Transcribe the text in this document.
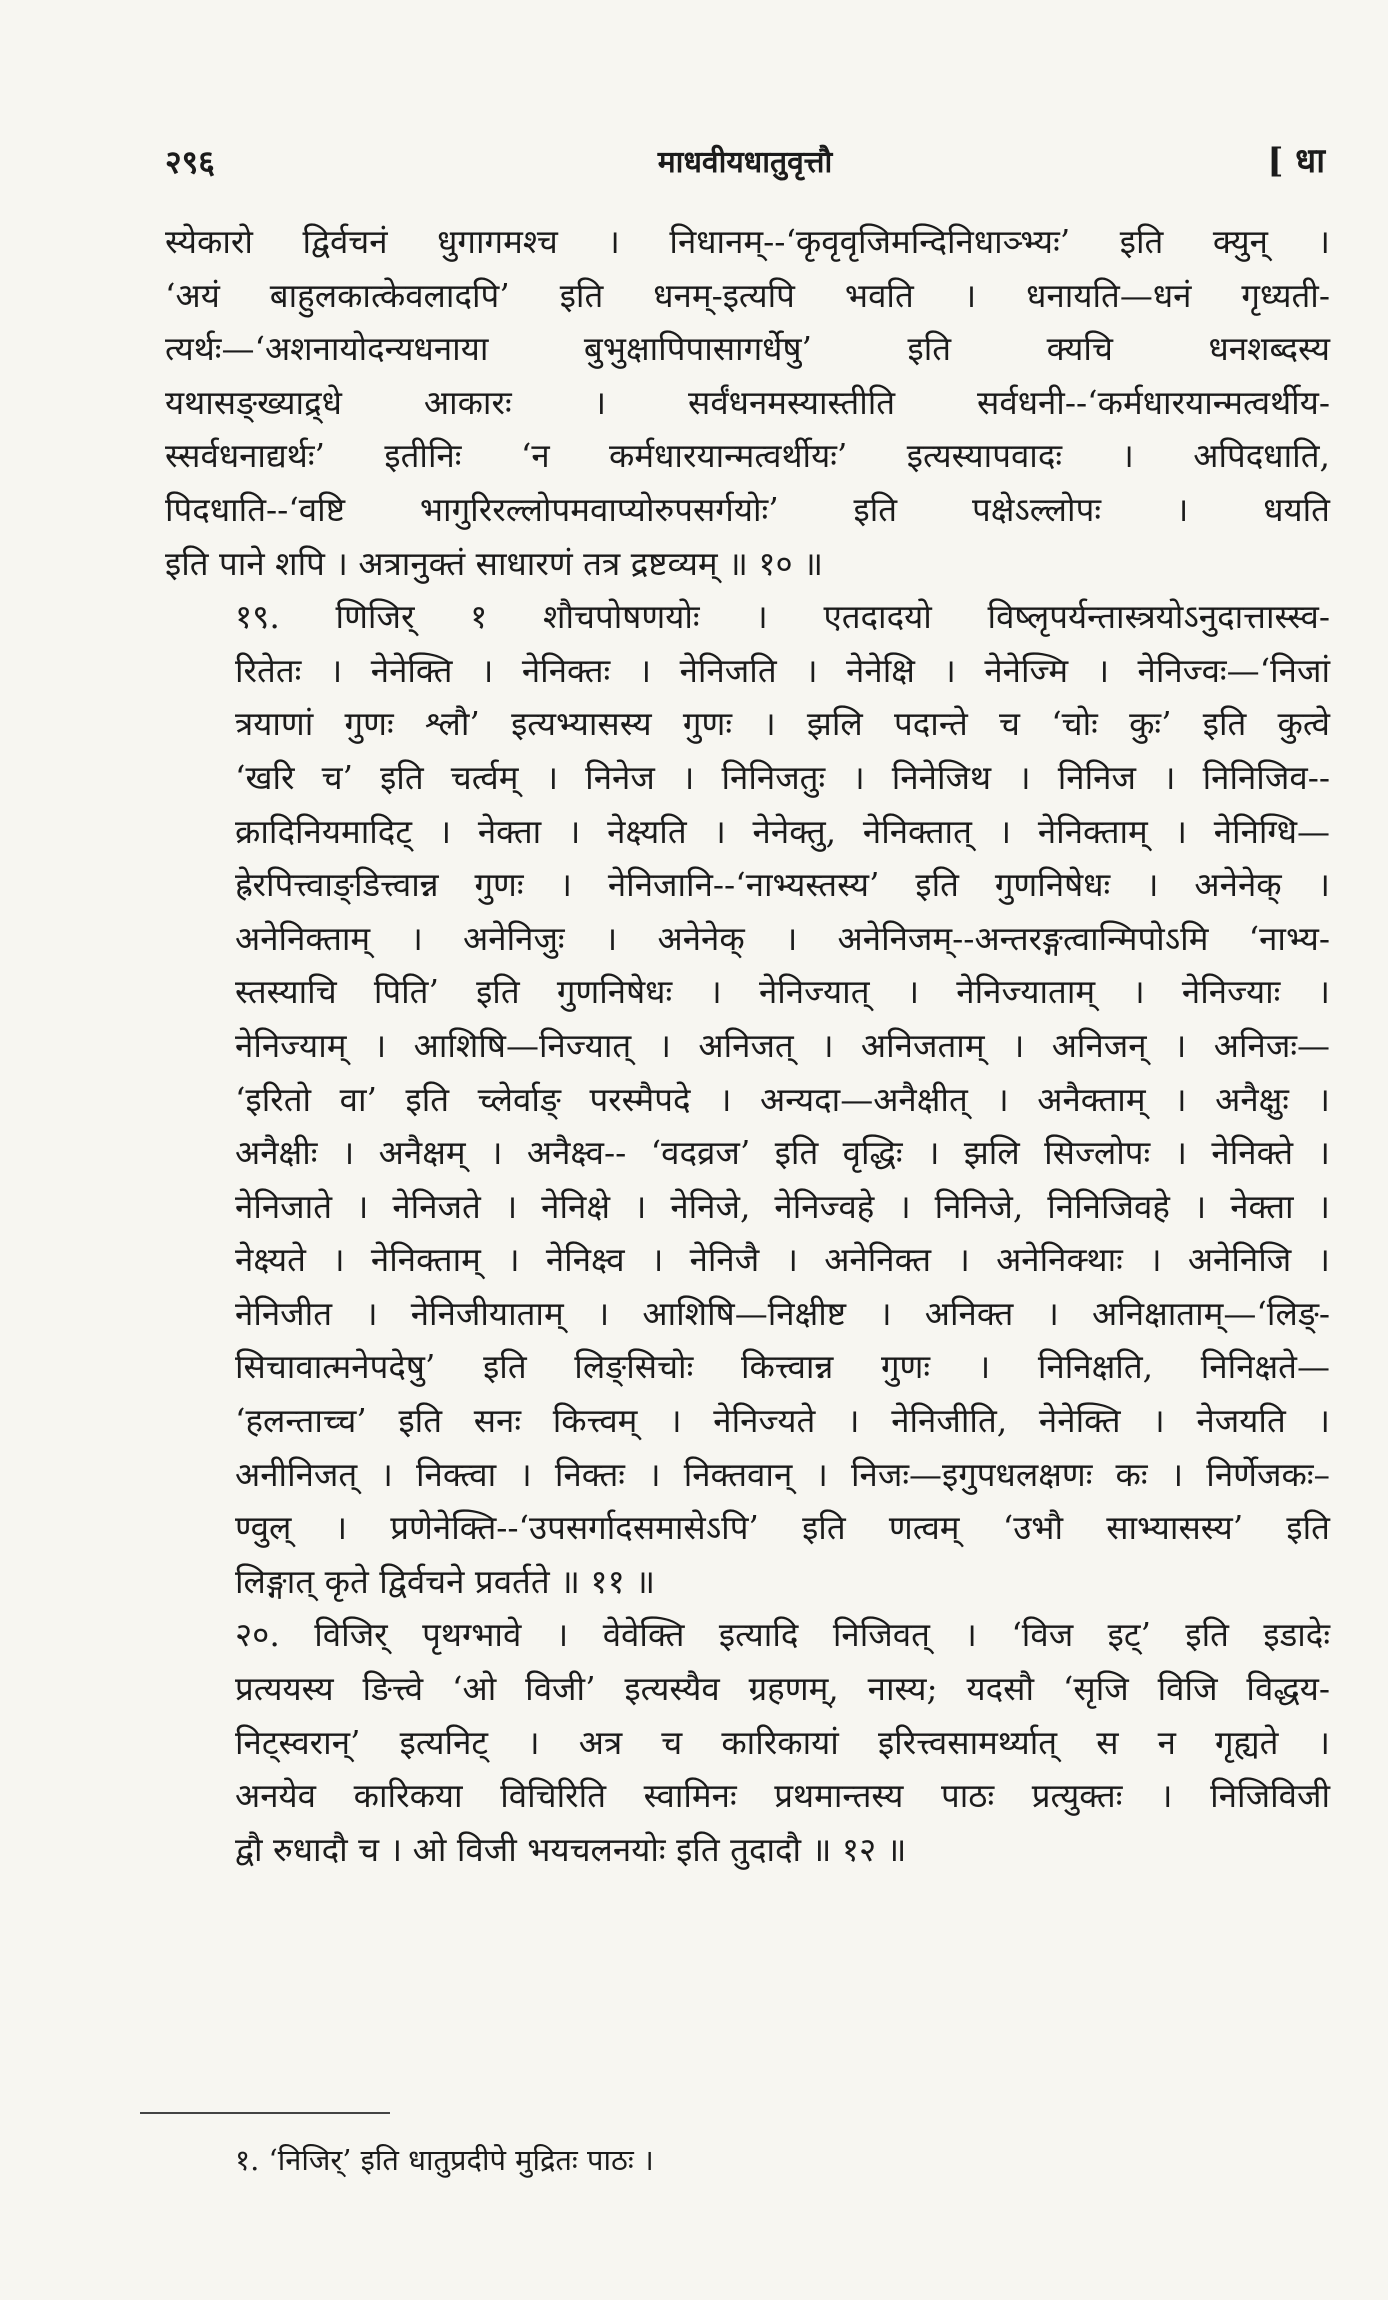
२९६	माधवीयधातुवृत्तौ	[ धा
स्येकारो द्विर्वचनं धुगागमश्च । निधानम्--‘कृवृवृजिमन्दिनिधाञ्भ्यः’ इति क्युन् ।
‘अयं बाहुलकात्केवलादपि’ इति धनम्-इत्यपि भवति । धनायति—धनं गृध्यती-
त्यर्थः—‘अशनायोदन्यधनाया बुभुक्षापिपासागर्धेषु’ इति क्यचि धनशब्दस्य
यथासङ्ख्याद्र्धे आकारः । सर्वंधनमस्यास्तीति सर्वधनी--‘कर्मधारयान्मत्वर्थीय-
स्सर्वधनाद्यर्थः’ इतीनिः ‘न कर्मधारयान्मत्वर्थीयः’ इत्यस्यापवादः । अपिदधाति,
पिदधाति--‘वष्टि भागुरिरल्लोपमवाप्योरुपसर्गयोः’ इति पक्षेऽल्लोपः । धयति
इति पाने शपि । अत्रानुक्तं साधारणं तत्र द्रष्टव्यम् ॥ १० ॥
१९. णिजिर् १ शौचपोषणयोः । एतदादयो विष्लृपर्यन्तास्त्रयोऽनुदात्तास्स्व-
रितेतः । नेनेक्ति । नेनिक्तः । नेनिजति । नेनेक्षि । नेनेज्मि । नेनिज्वः—‘निजां
त्रयाणां गुणः श्लौ’ इत्यभ्यासस्य गुणः । झलि पदान्ते च ‘चोः कुः’ इति कुत्वे
‘खरि च’ इति चर्त्वम् । निनेज । निनिजतुः । निनेजिथ । निनिज । निनिजिव--
क्रादिनियमादिट् । नेक्ता । नेक्ष्यति । नेनेक्तु, नेनिक्तात् । नेनिक्ताम् । नेनिग्धि—
ह्रेरपित्त्वाङ्डित्त्वान्न गुणः । नेनिजानि--‘नाभ्यस्तस्य’ इति गुणनिषेधः । अनेनेक् ।
अनेनिक्ताम् । अनेनिजुः । अनेनेक् । अनेनिजम्--अन्तरङ्गत्वान्मिपोऽमि ‘नाभ्य-
स्तस्याचि पिति’ इति गुणनिषेधः । नेनिज्यात् । नेनिज्याताम् । नेनिज्याः ।
नेनिज्याम् । आशिषि—निज्यात् । अनिजत् । अनिजताम् । अनिजन् । अनिजः—
‘इरितो वा’ इति च्लेर्वाङ् परस्मैपदे । अन्यदा—अनैक्षीत् । अनैक्ताम् । अनैक्षुः ।
अनैक्षीः । अनैक्षम् । अनैक्ष्व-- ‘वदव्रज’ इति वृद्धिः । झलि सिज्लोपः । नेनिक्ते ।
नेनिजाते । नेनिजते । नेनिक्षे । नेनिजे, नेनिज्वहे । निनिजे, निनिजिवहे । नेक्ता ।
नेक्ष्यते । नेनिक्ताम् । नेनिक्ष्व । नेनिजै । अनेनिक्त । अनेनिक्थाः । अनेनिजि ।
नेनिजीत । नेनिजीयाताम् । आशिषि—निक्षीष्ट । अनिक्त । अनिक्षाताम्—‘लिङ्-
सिचावात्मनेपदेषु’ इति लिङ्सिचोः कित्त्वान्न गुणः । निनिक्षति, निनिक्षते—
‘हलन्ताच्च’ इति सनः कित्त्वम् । नेनिज्यते । नेनिजीति, नेनेक्ति । नेजयति ।
अनीनिजत् । निक्त्वा । निक्तः । निक्तवान् । निजः—इगुपधलक्षणः कः । निर्णेजकः–
ण्वुल् । प्रणेनेक्ति--‘उपसर्गादसमासेऽपि’ इति णत्वम् ‘उभौ साभ्यासस्य’ इति
लिङ्गात् कृते द्विर्वचने प्रवर्तते ॥ ११ ॥
२०. विजिर् पृथग्भावे । वेवेक्ति इत्यादि निजिवत् । ‘विज इट्’ इति इडादेः
प्रत्ययस्य ङित्त्वे ‘ओ विजी’ इत्यस्यैव ग्रहणम्, नास्य; यदसौ ‘सृजि विजि विद्धय-
निट्स्वरान्’ इत्यनिट् । अत्र च कारिकायां इरित्त्वसामर्थ्यात् स न गृह्यते ।
अनयेव कारिकया विचिरिति स्वामिनः प्रथमान्तस्य पाठः प्रत्युक्तः । निजिविजी
द्वौ रुधादौ च । ओ विजी भयचलनयोः इति तुदादौ ॥ १२ ॥
१. ‘निजिर्’ इति धातुप्रदीपे मुद्रितः पाठः ।
